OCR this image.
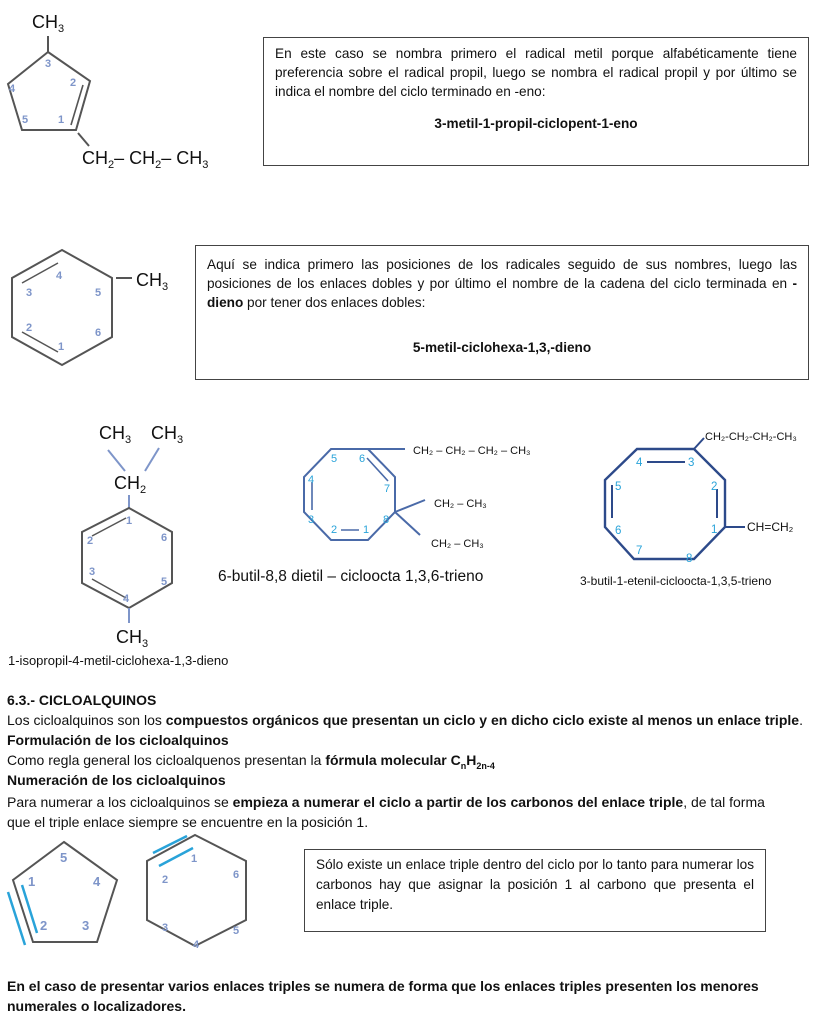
$CH_3$
3
2
4
5	1
$CH_2-$ $CH_2-$ $CH_3$
En este caso se nombra primero el radical metil porque alfabéticamente tiene preferencia sobre el radical propil, luego se nombra el radical propil y por último se indica el nombre del ciclo terminado en -eno:
3-metil-1-propil-ciclopent-1-eno
$CH_3$
4
3
2
1
5
6
Aquí se indica primero las posiciones de los radicales seguido de sus nombres, luego las posiciones de los enlaces dobles y por último el nombre de la cadena del ciclo terminada en -dieno por tener dos enlaces dobles:
5-metil-ciclohexa-1,3,-dieno
$CH_3$ $CH_3$
$CH_2$
$CH_3$
1
2
3
4
5
6
1-isopropil-4-metil-ciclohexa-1,3-dieno
CH₂ – CH₂ – CH₂ – CH₃
CH₂ – CH₃
CH₂ – CH₃
1
2
3
4
5 6
7
8
6-butil-8,8 dietil – cicloocta 1,3,6-trieno
CH₂-CH₂-CH₂-CH₃
CH=CH₂
1
2
3
4
5
6
7
8
3-butil-1-etenil-cicloocta-1,3,5-trieno
6.3.- CICLOALQUINOS
Los cicloalquinos son los compuestos orgánicos que presentan un ciclo y en dicho ciclo existe al menos un enlace triple.
Formulación de los cicloalquinos
Como regla general los cicloalquenos presentan la fórmula molecular $C_nH_{2n-4}$
Numeración de los cicloalquinos
Para numerar a los cicloalquinos se empieza a numerar el ciclo a partir de los carbonos del enlace triple, de tal forma
que el triple enlace siempre se encuentre en la posición 1.
5
1	4
2	3
1
2
3
4
5
6
Sólo existe un enlace triple dentro del ciclo por lo tanto para numerar los carbonos hay que asignar la posición 1 al carbono que presenta el enlace triple.
En el caso de presentar varios enlaces triples se numera de forma que los enlaces triples presenten los menores
numerales o localizadores.
